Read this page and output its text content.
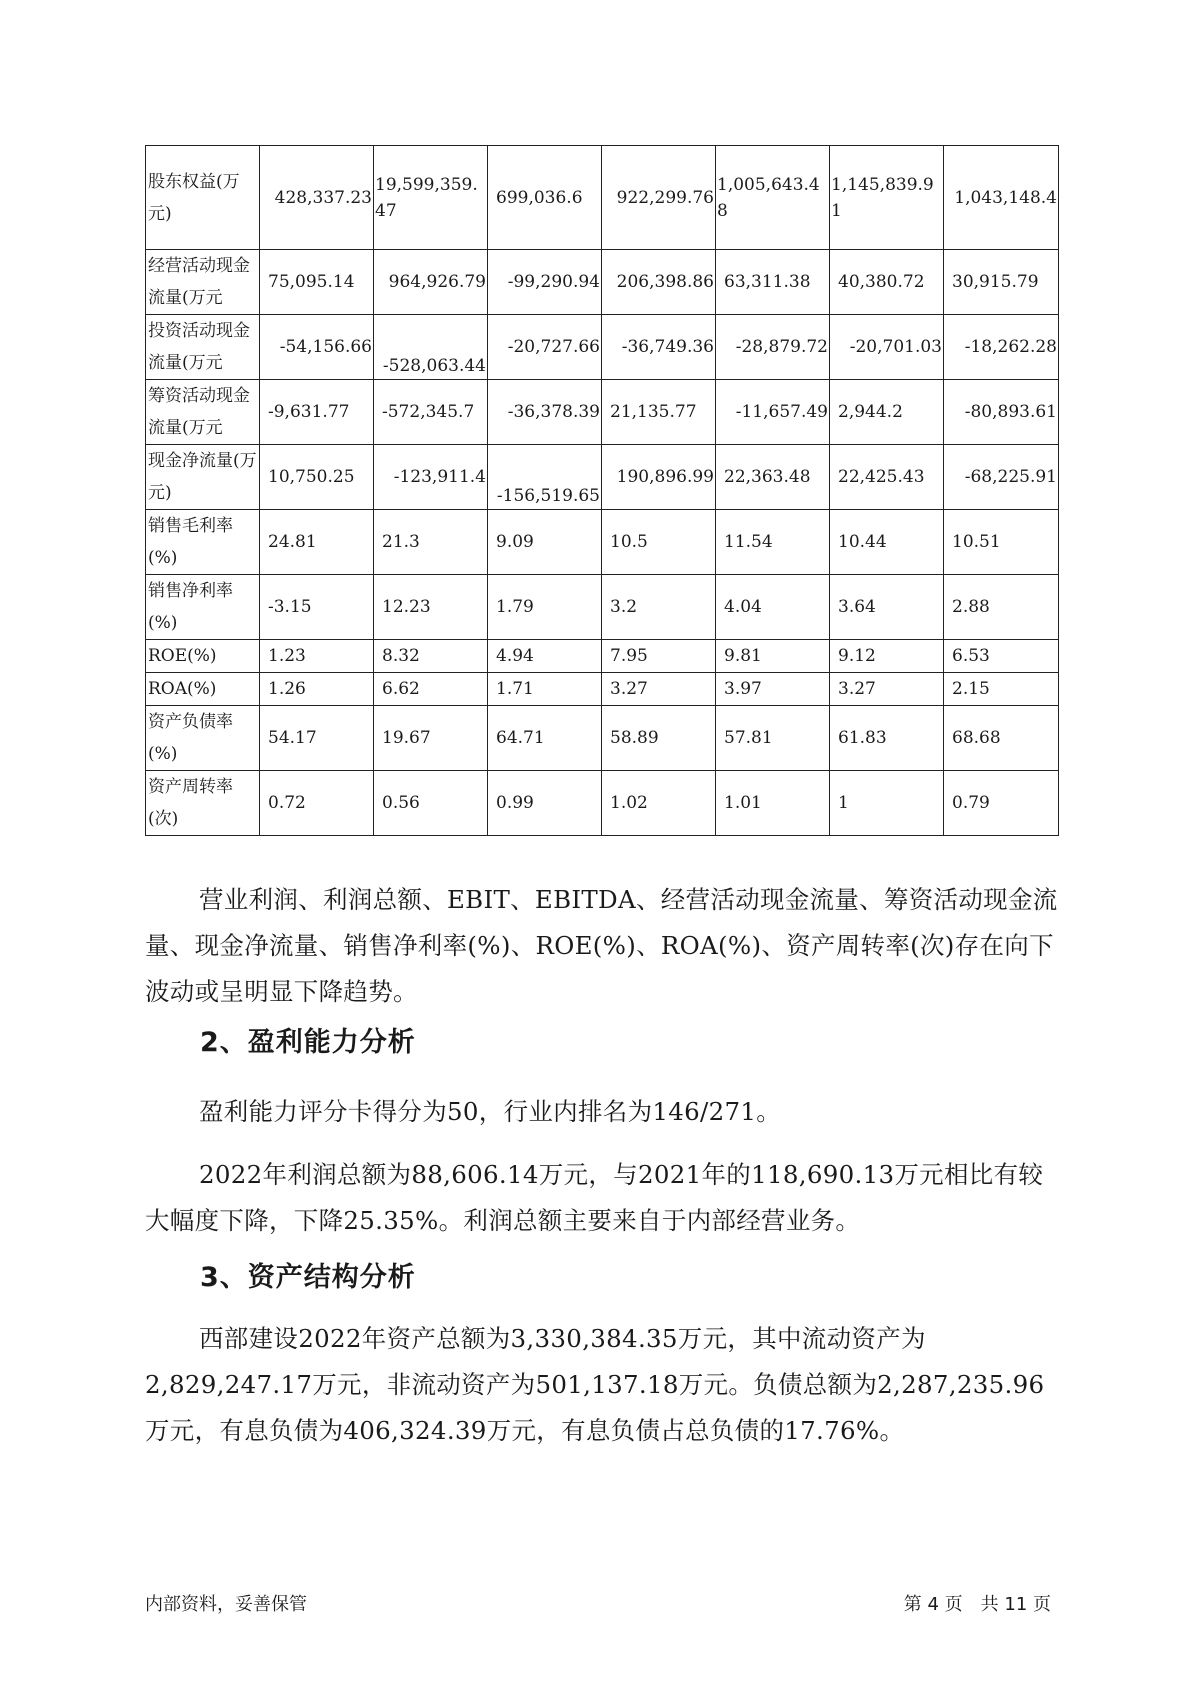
股东权益(万元)	428,337.23	19,599,359.47	699,036.6	922,299.76	1,005,643.48	1,145,839.91	1,043,148.4
经营活动现金流量(万元	75,095.14	964,926.79	-99,290.94	206,398.86	63,311.38	40,380.72	30,915.79
投资活动现金流量(万元	-54,156.66	-528,063.44	-20,727.66	-36,749.36	-28,879.72	-20,701.03	-18,262.28
筹资活动现金流量(万元	-9,631.77	-572,345.7	-36,378.39	21,135.77	-11,657.49	2,944.2	-80,893.61
现金净流量(万元)	10,750.25	-123,911.4	-156,519.65	190,896.99	22,363.48	22,425.43	-68,225.91
销售毛利率(%)	24.81	21.3	9.09	10.5	11.54	10.44	10.51
销售净利率(%)	-3.15	12.23	1.79	3.2	4.04	3.64	2.88
ROE(%)	1.23	8.32	4.94	7.95	9.81	9.12	6.53
ROA(%)	1.26	6.62	1.71	3.27	3.97	3.27	2.15
资产负债率(%)	54.17	19.67	64.71	58.89	57.81	61.83	68.68
资产周转率(次)	0.72	0.56	0.99	1.02	1.01	1	0.79

营业利润、利润总额、EBIT、EBITDA、经营活动现金流量、筹资活动现金流量、现金净流量、销售净利率(%)、ROE(%)、ROA(%)、资产周转率(次)存在向下波动或呈明显下降趋势。

2、盈利能力分析

盈利能力评分卡得分为50，行业内排名为146/271。

2022年利润总额为88,606.14万元，与2021年的118,690.13万元相比有较大幅度下降，下降25.35%。利润总额主要来自于内部经营业务。

3、资产结构分析

西部建设2022年资产总额为3,330,384.35万元，其中流动资产为2,829,247.17万元，非流动资产为501,137.18万元。负债总额为2,287,235.96万元，有息负债为406,324.39万元，有息负债占总负债的17.76%。

内部资料，妥善保管	第 4 页　共 11 页
